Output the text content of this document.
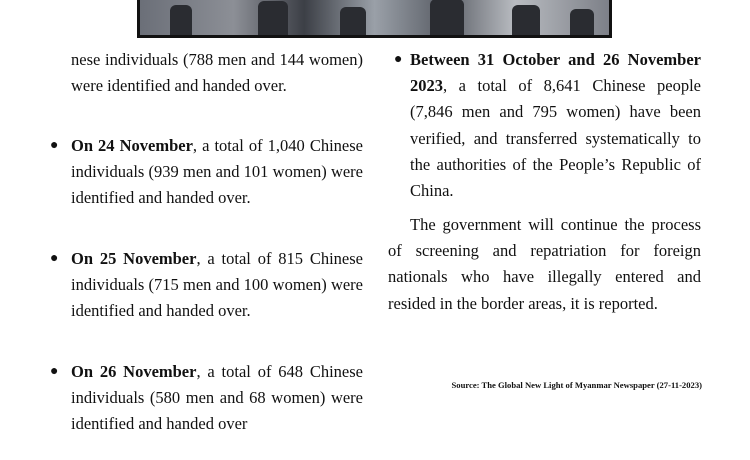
nese individuals (788 men and 144 women) were identified and handed over.
● On 24 November, a total of 1,040 Chinese individuals (939 men and 101 women) were identified and handed over.
● On 25 November, a total of 815 Chinese individuals (715 men and 100 women) were identified and handed over.
● On 26 November, a total of 648 Chinese individuals (580 men and 68 women) were identified and handed over
● Between 31 October and 26 November 2023, a total of 8,641 Chinese people (7,846 men and 795 women) have been verified, and transferred systematically to the authorities of the People’s Republic of China.
The government will continue the process of screening and repatriation for foreign nationals who have illegally entered and resided in the border areas, it is reported.
Source: The Global New Light of Myanmar Newspaper (27-11-2023)
